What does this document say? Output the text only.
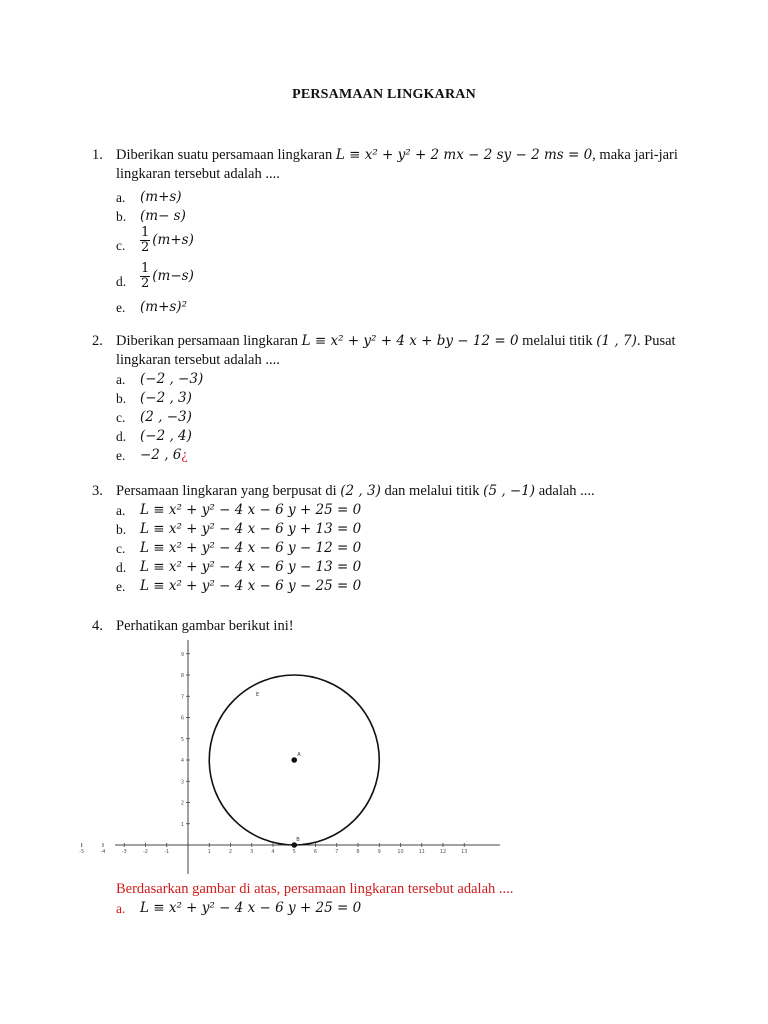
PERSAMAAN LINGKARAN
1. Diberikan suatu persamaan lingkaran L ≡ x² + y² + 2 mx − 2 sy − 2 ms = 0, maka jari-jari lingkaran tersebut adalah ....
a.	(m+s)
b.	(m− s)
c.	$\frac{1}{2} (m+s)$
d.	$\frac{1}{2} (m-s)$
e.	(m+s)²
2. Diberikan persamaan lingkaran L ≡ x² + y² + 4 x + by − 12 = 0 melalui titik (1 , 7). Pusat lingkaran tersebut adalah ....
a.	(−2 , −3)
b.	(−2 , 3)
c.	(2 , −3)
d.	(−2 , 4)
e.	−2 , 6¿
3. Persamaan lingkaran yang berpusat di (2 , 3) dan melalui titik (5 , −1) adalah ....
a.	L ≡ x² + y² − 4 x − 6 y + 25 = 0
b.	L ≡ x² + y² − 4 x − 6 y + 13 = 0
c.	L ≡ x² + y² − 4 x − 6 y − 12 = 0
d.	L ≡ x² + y² − 4 x − 6 y − 13 = 0
e.	L ≡ x² + y² − 4 x − 6 y − 25 = 0
4. Perhatikan gambar berikut ini!
-5	-4	-3	-2	-1	1	2	3	4	5	6	7	8	9	10	11	12	13
9
8
7
6
5
4
3
2
1
A
B
E
Berdasarkan gambar di atas, persamaan lingkaran tersebut adalah ....
a.	L ≡ x² + y² − 4 x − 6 y + 25 = 0
